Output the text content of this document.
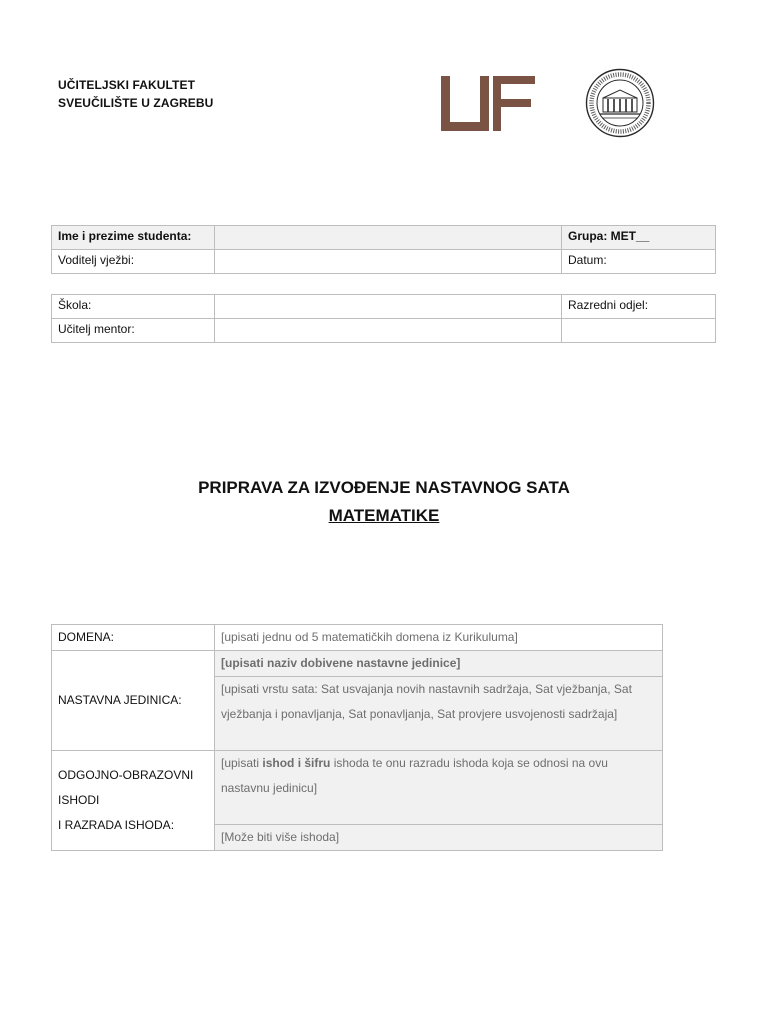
UČITELJSKI FAKULTET
SVEUČILIŠTE U ZAGREBU
Ime i prezime studenta:		Grupa: MET__
Voditelj vježbi:		Datum:
Škola:		Razredni odjel:
Učitelj mentor:		
PRIPRAVA ZA IZVOĐENJE NASTAVNOG SATA
MATEMATIKE
DOMENA:	[upisati jednu od 5 matematičkih domena iz Kurikuluma]
NASTAVNA JEDINICA:	[upisati naziv dobivene nastavne jedinice]
	[upisati vrstu sata: Sat usvajanja novih nastavnih sadržaja, Sat vježbanja, Sat vježbanja i ponavljanja, Sat ponavljanja, Sat provjere usvojenosti sadržaja]

ODGOJNO-OBRAZOVNI
ISHODI
I RAZRADA ISHODA:	[upisati ishod i šifru ishoda te onu razradu ishoda koja se odnosi na ovu nastavnu jedinicu]
	[Može biti više ishoda]
